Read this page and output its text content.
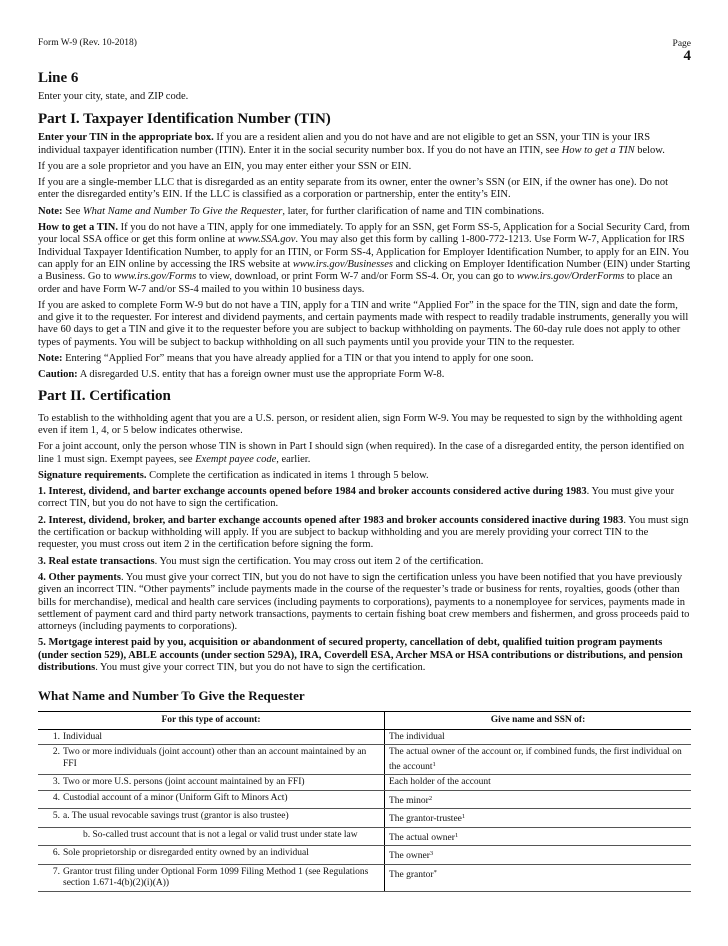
Form W-9 (Rev. 10-2018)	Page
4
Line 6

Enter your city, state, and ZIP code.

Part I. Taxpayer Identification Number (TIN)

Enter your TIN in the appropriate box. If you are a resident alien and you do not have and are not eligible to get an SSN, your TIN is your IRS individual taxpayer identification number (ITIN). Enter it in the social security number box. If you do not have an ITIN, see How to get a TIN below.

If you are a sole proprietor and you have an EIN, you may enter either your SSN or EIN.

If you are a single-member LLC that is disregarded as an entity separate from its owner, enter the owner’s SSN (or EIN, if the owner has one). Do not enter the disregarded entity’s EIN. If the LLC is classified as a corporation or partnership, enter the entity’s EIN.

Note: See What Name and Number To Give the Requester, later, for further clarification of name and TIN combinations.

How to get a TIN. If you do not have a TIN, apply for one immediately. To apply for an SSN, get Form SS-5, Application for a Social Security Card, from your local SSA office or get this form online at www.SSA.gov. You may also get this form by calling 1-800-772-1213. Use Form W-7, Application for IRS Individual Taxpayer Identification Number, to apply for an ITIN, or Form SS-4, Application for Employer Identification Number, to apply for an EIN. You can apply for an EIN online by accessing the IRS website at www.irs.gov/Businesses and clicking on Employer Identification Number (EIN) under Starting a Business. Go to www.irs.gov/Forms to view, download, or print Form W-7 and/or Form SS-4. Or, you can go to www.irs.gov/OrderForms to place an order and have Form W-7 and/or SS-4 mailed to you within 10 business days.

If you are asked to complete Form W-9 but do not have a TIN, apply for a TIN and write “Applied For” in the space for the TIN, sign and date the form, and give it to the requester. For interest and dividend payments, and certain payments made with respect to readily tradable instruments, generally you will have 60 days to get a TIN and give it to the requester before you are subject to backup withholding on payments. The 60-day rule does not apply to other types of payments. You will be subject to backup withholding on all such payments until you provide your TIN to the requester.

Note: Entering “Applied For” means that you have already applied for a TIN or that you intend to apply for one soon.

Caution: A disregarded U.S. entity that has a foreign owner must use the appropriate Form W-8.

Part II. Certification

To establish to the withholding agent that you are a U.S. person, or resident alien, sign Form W-9. You may be requested to sign by the withholding agent even if item 1, 4, or 5 below indicates otherwise.

For a joint account, only the person whose TIN is shown in Part I should sign (when required). In the case of a disregarded entity, the person identified on line 1 must sign. Exempt payees, see Exempt payee code, earlier.

Signature requirements. Complete the certification as indicated in items 1 through 5 below.

1. Interest, dividend, and barter exchange accounts opened before 1984 and broker accounts considered active during 1983. You must give your correct TIN, but you do not have to sign the certification.

2. Interest, dividend, broker, and barter exchange accounts opened after 1983 and broker accounts considered inactive during 1983. You must sign the certification or backup withholding will apply. If you are subject to backup withholding and you are merely providing your correct TIN to the requester, you must cross out item 2 in the certification before signing the form.

3. Real estate transactions. You must sign the certification. You may cross out item 2 of the certification.

4. Other payments. You must give your correct TIN, but you do not have to sign the certification unless you have been notified that you have previously given an incorrect TIN. “Other payments” include payments made in the course of the requester’s trade or business for rents, royalties, goods (other than bills for merchandise), medical and health care services (including payments to corporations), payments to a nonemployee for services, payments made in settlement of payment card and third party network transactions, payments to certain fishing boat crew members and fishermen, and gross proceeds paid to attorneys (including payments to corporations).

5. Mortgage interest paid by you, acquisition or abandonment of secured property, cancellation of debt, qualified tuition program payments (under section 529), ABLE accounts (under section 529A), IRA, Coverdell ESA, Archer MSA or HSA contributions or distributions, and pension distributions. You must give your correct TIN, but you do not have to sign the certification.

What Name and Number To Give the Requester
For this type of account:	Give name and SSN of:

1. Individual	The individual

2. Two or more individuals (joint account) other than an account maintained by an FFI	The actual owner of the account or, if combined funds, the first individual on the account$^1$

3. Two or more U.S. persons (joint account maintained by an FFI)	Each holder of the account

4. Custodial account of a minor (Uniform Gift to Minors Act)	The minor$^2$

5. a. The usual revocable savings trust (grantor is also trustee)	The grantor-trustee$^1$

b. So-called trust account that is not a legal or valid trust under state law	The actual owner$^1$

6. Sole proprietorship or disregarded entity owned by an individual	The owner$^3$

7. Grantor trust filing under Optional Form 1099 Filing Method 1 (see Regulations section 1.671-4(b)(2)(i)(A))	The grantor*
